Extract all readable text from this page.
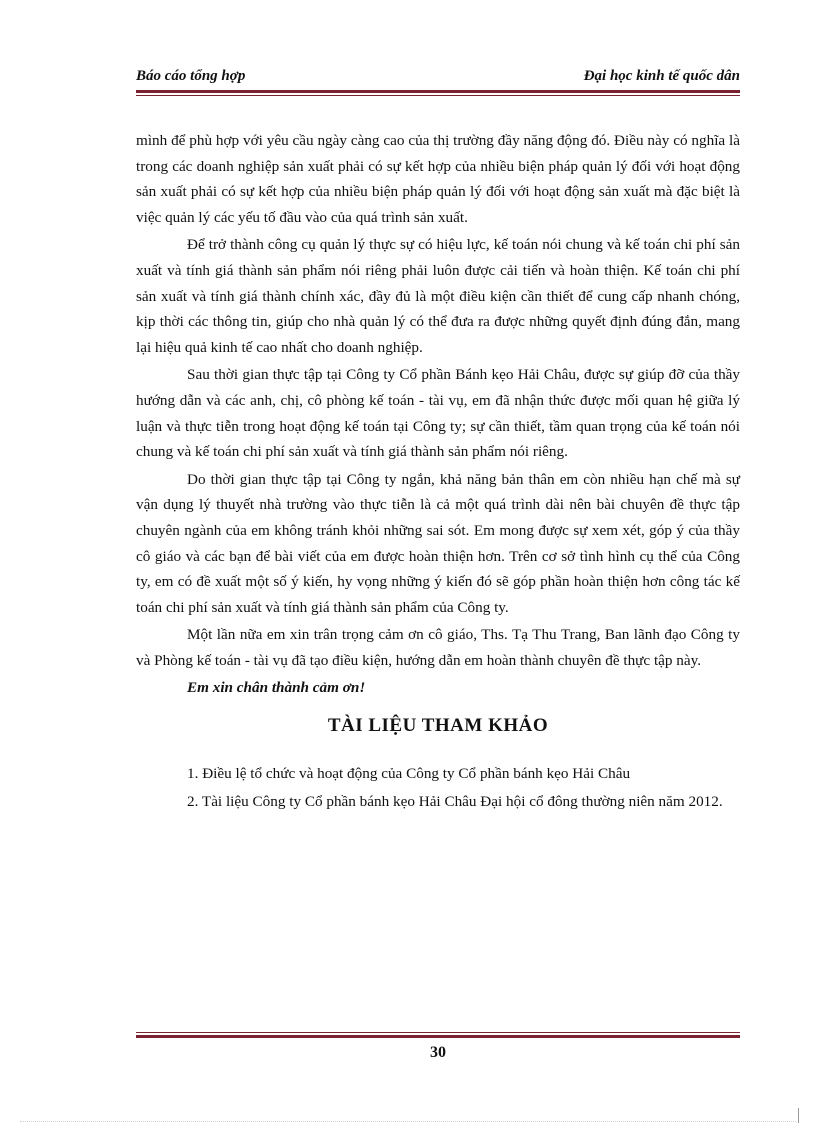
Báo cáo tổng hợp	Đại học kinh tế quốc dân

mình để phù hợp với yêu cầu ngày càng cao của thị trường đầy năng động đó. Điều này có nghĩa là trong các doanh nghiệp sản xuất phải có sự kết hợp của nhiều biện pháp quản lý đối với hoạt động sản xuất phải có sự kết hợp của nhiều biện pháp quản lý đối với hoạt động sản xuất mà đặc biệt là việc quản lý các yếu tố đầu vào của quá trình sản xuất.

Để trở thành công cụ quản lý thực sự có hiệu lực, kế toán nói chung và kế toán chi phí sản xuất và tính giá thành sản phẩm nói riêng phải luôn được cải tiến và hoàn thiện. Kế toán chi phí sản xuất và tính giá thành chính xác, đầy đủ là một điều kiện cần thiết để cung cấp nhanh chóng, kịp thời các thông tin, giúp cho nhà quản lý có thể đưa ra được những quyết định đúng đắn, mang lại hiệu quả kinh tế cao nhất cho doanh nghiệp.

Sau thời gian thực tập tại Công ty Cổ phần Bánh kẹo Hải Châu, được sự giúp đỡ của thầy hướng dẫn và các anh, chị, cô phòng kế toán - tài vụ, em đã nhận thức được mối quan hệ giữa lý luận và thực tiễn trong hoạt động kế toán tại Công ty; sự cần thiết, tầm quan trọng của kế toán nói chung và kế toán chi phí sản xuất và tính giá thành sản phẩm nói riêng.

Do thời gian thực tập tại Công ty ngắn, khả năng bản thân em còn nhiều hạn chế mà sự vận dụng lý thuyết nhà trường vào thực tiễn là cả một quá trình dài nên bài chuyên đề thực tập chuyên ngành của em không tránh khỏi những sai sót. Em mong được sự xem xét, góp ý của thầy cô giáo và các bạn để bài viết của em được hoàn thiện hơn. Trên cơ sở tình hình cụ thể của Công ty, em có đề xuất một số ý kiến, hy vọng những ý kiến đó sẽ góp phần hoàn thiện hơn công tác kế toán chi phí sản xuất và tính giá thành sản phẩm của Công ty.

Một lần nữa em xin trân trọng cảm ơn cô giáo, Ths. Tạ Thu Trang, Ban lãnh đạo Công ty và Phòng kế toán - tài vụ đã tạo điều kiện, hướng dẫn em hoàn thành chuyên đề thực tập này.

Em xin chân thành cảm ơn!

TÀI LIỆU THAM KHẢO

1. Điều lệ tổ chức và hoạt động của Công ty Cổ phần bánh kẹo Hải Châu

2. Tài liệu Công ty Cổ phần bánh kẹo Hải Châu Đại hội cổ đông thường niên năm 2012.

30
